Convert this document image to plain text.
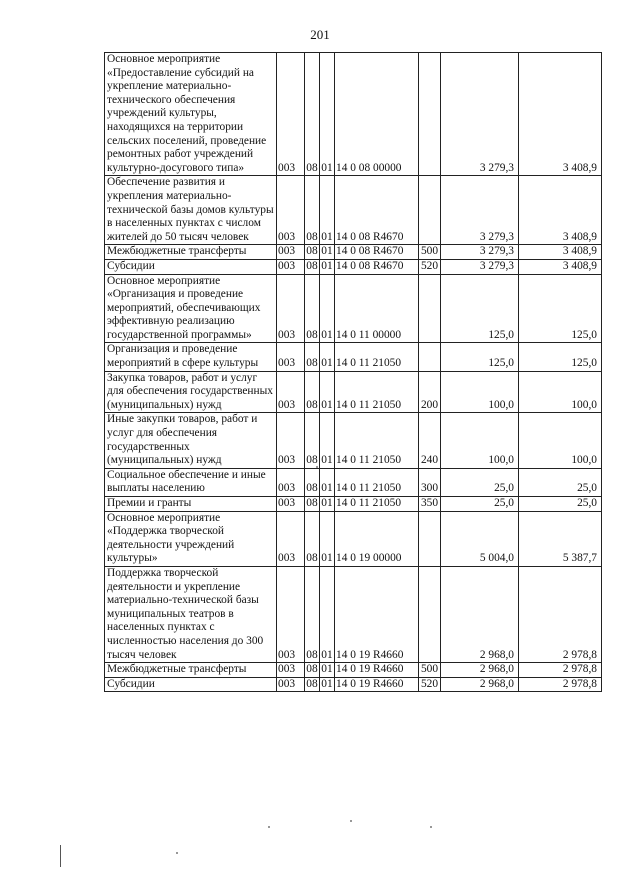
201
Основное мероприятие «Предоставление субсидий на укрепление материально-технического обеспечения учреждений культуры, находящихся на территории сельских поселений, проведение ремонтных работ учреждений культурно-досугового типа»	003	08	01	14 0 08 00000		3 279,3	3 408,9
Обеспечение развития и укрепления материально-технической базы домов культуры в населенных пунктах с числом жителей до 50 тысяч человек	003	08	01	14 0 08 R4670		3 279,3	3 408,9
Межбюджетные трансферты	003	08	01	14 0 08 R4670	500	3 279,3	3 408,9
Субсидии	003	08	01	14 0 08 R4670	520	3 279,3	3 408,9
Основное мероприятие «Организация и проведение мероприятий, обеспечивающих эффективную реализацию государственной программы»	003	08	01	14 0 11 00000		125,0	125,0
Организация и проведение мероприятий в сфере культуры	003	08	01	14 0 11 21050		125,0	125,0
Закупка товаров, работ и услуг для обеспечения государственных (муниципальных) нужд	003	08	01	14 0 11 21050	200	100,0	100,0
Иные закупки товаров, работ и услуг для обеспечения государственных (муниципальных) нужд	003	08	01	14 0 11 21050	240	100,0	100,0
Социальное обеспечение и иные выплаты населению	003	08	01	14 0 11 21050	300	25,0	25,0
Премии и гранты	003	08	01	14 0 11 21050	350	25,0	25,0
Основное мероприятие «Поддержка творческой деятельности учреждений культуры»	003	08	01	14 0 19 00000		5 004,0	5 387,7
Поддержка творческой деятельности и укрепление материально-технической базы муниципальных театров в населенных пунктах с численностью населения до 300 тысяч человек	003	08	01	14 0 19 R4660		2 968,0	2 978,8
Межбюджетные трансферты	003	08	01	14 0 19 R4660	500	2 968,0	2 978,8
Субсидии	003	08	01	14 0 19 R4660	520	2 968,0	2 978,8
